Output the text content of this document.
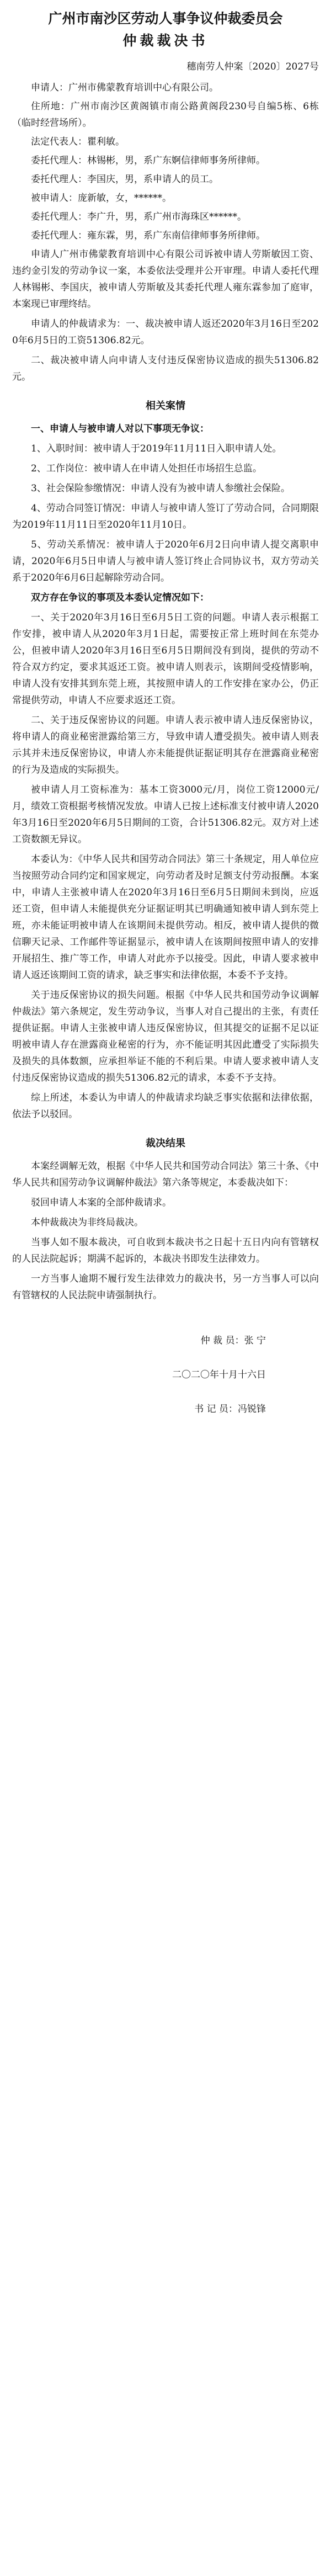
广州市南沙区劳动人事争议仲裁委员会
仲裁裁决书

穗南劳人仲案〔2020〕2027号

申请人：广州市佛蒙教育培训中心有限公司。

住所地：广州市南沙区黄阁镇市南公路黄阁段230号自编5栋、6栋（临时经营场所）。

法定代表人：瞿利敏。

委托代理人：林锡彬，男，系广东婀信律师事务所律师。

委托代理人：李国庆，男，系申请人的员工。

被申请人：庞新敏，女，******。

委托代理人：李广升，男，系广州市海珠区******。

委托代理人：雍东霖，男，系广东南信律师事务所律师。

申请人广州市佛蒙教育培训中心有限公司诉被申请人劳斯敏因工资、违约金引发的劳动争议一案，本委依法受理并公开审理。申请人委托代理人林锡彬、李国庆，被申请人劳斯敏及其委托代理人雍东霖参加了庭审，本案现已审理终结。

申请人的仲裁请求为：一、裁决被申请人返还2020年3月16日至2020年6月5日的工资51306.82元。

二、裁决被申请人向申请人支付违反保密协议造成的损失51306.82元。

相关案情

一、申请人与被申请人对以下事项无争议：

1、入职时间：被申请人于2019年11月11日入职申请人处。

2、工作岗位：被申请人在申请人处担任市场招生总监。

3、社会保险参缴情况：申请人没有为被申请人参缴社会保险。

4、劳动合同签订情况：申请人与被申请人签订了劳动合同，合同期限为2019年11月11日至2020年11月10日。

5、劳动关系情况：被申请人于2020年6月2日向申请人提交离职申请，2020年6月5日申请人与被申请人签订终止合同协议书，双方劳动关系于2020年6月6日起解除劳动合同。

双方存在争议的事项及本委认定情况如下：

一、关于2020年3月16日至6月5日工资的问题。申请人表示根据工作安排，被申请人从2020年3月1日起，需要按正常上班时间在东莞办公，但被申请人2020年3月16日至6月5日期间没有到岗，提供的劳动不符合双方约定，要求其返还工资。被申请人则表示，该期间受疫情影响，申请人没有安排其到东莞上班，其按照申请人的工作安排在家办公，仍正常提供劳动，申请人不应要求返还工资。

二、关于违反保密协议的问题。申请人表示被申请人违反保密协议，将申请人的商业秘密泄露给第三方，导致申请人遭受损失。被申请人则表示其并未违反保密协议，申请人亦未能提供证据证明其存在泄露商业秘密的行为及造成的实际损失。

被申请人月工资标准为：基本工资3000元/月，岗位工资12000元/月，绩效工资根据考核情况发放。申请人已按上述标准支付被申请人2020年3月16日至2020年6月5日期间的工资，合计51306.82元。双方对上述工资数额无异议。

本委认为：《中华人民共和国劳动合同法》第三十条规定，用人单位应当按照劳动合同约定和国家规定，向劳动者及时足额支付劳动报酬。本案中，申请人主张被申请人在2020年3月16日至6月5日期间未到岗，应返还工资，但申请人未能提供充分证据证明其已明确通知被申请人到东莞上班，亦未能证明被申请人在该期间未提供劳动。相反，被申请人提供的微信聊天记录、工作邮件等证据显示，被申请人在该期间按照申请人的安排开展招生、推广等工作，申请人对此亦予以接受。因此，申请人要求被申请人返还该期间工资的请求，缺乏事实和法律依据，本委不予支持。

关于违反保密协议的损失问题。根据《中华人民共和国劳动争议调解仲裁法》第六条规定，发生劳动争议，当事人对自己提出的主张，有责任提供证据。申请人主张被申请人违反保密协议，但其提交的证据不足以证明被申请人存在泄露商业秘密的行为，亦不能证明其因此遭受了实际损失及损失的具体数额，应承担举证不能的不利后果。申请人要求被申请人支付违反保密协议造成的损失51306.82元的请求，本委不予支持。

综上所述，本委认为申请人的仲裁请求均缺乏事实依据和法律依据，依法予以驳回。

裁决结果

本案经调解无效，根据《中华人民共和国劳动合同法》第三十条、《中华人民共和国劳动争议调解仲裁法》第六条等规定，本委裁决如下：

驳回申请人本案的全部仲裁请求。

本仲裁裁决为非终局裁决。

当事人如不服本裁决，可自收到本裁决书之日起十五日内向有管辖权的人民法院起诉；期满不起诉的，本裁决书即发生法律效力。

一方当事人逾期不履行发生法律效力的裁决书，另一方当事人可以向有管辖权的人民法院申请强制执行。

仲 裁 员：张 宁

二〇二〇年十月十六日

书 记 员：冯锐锋
